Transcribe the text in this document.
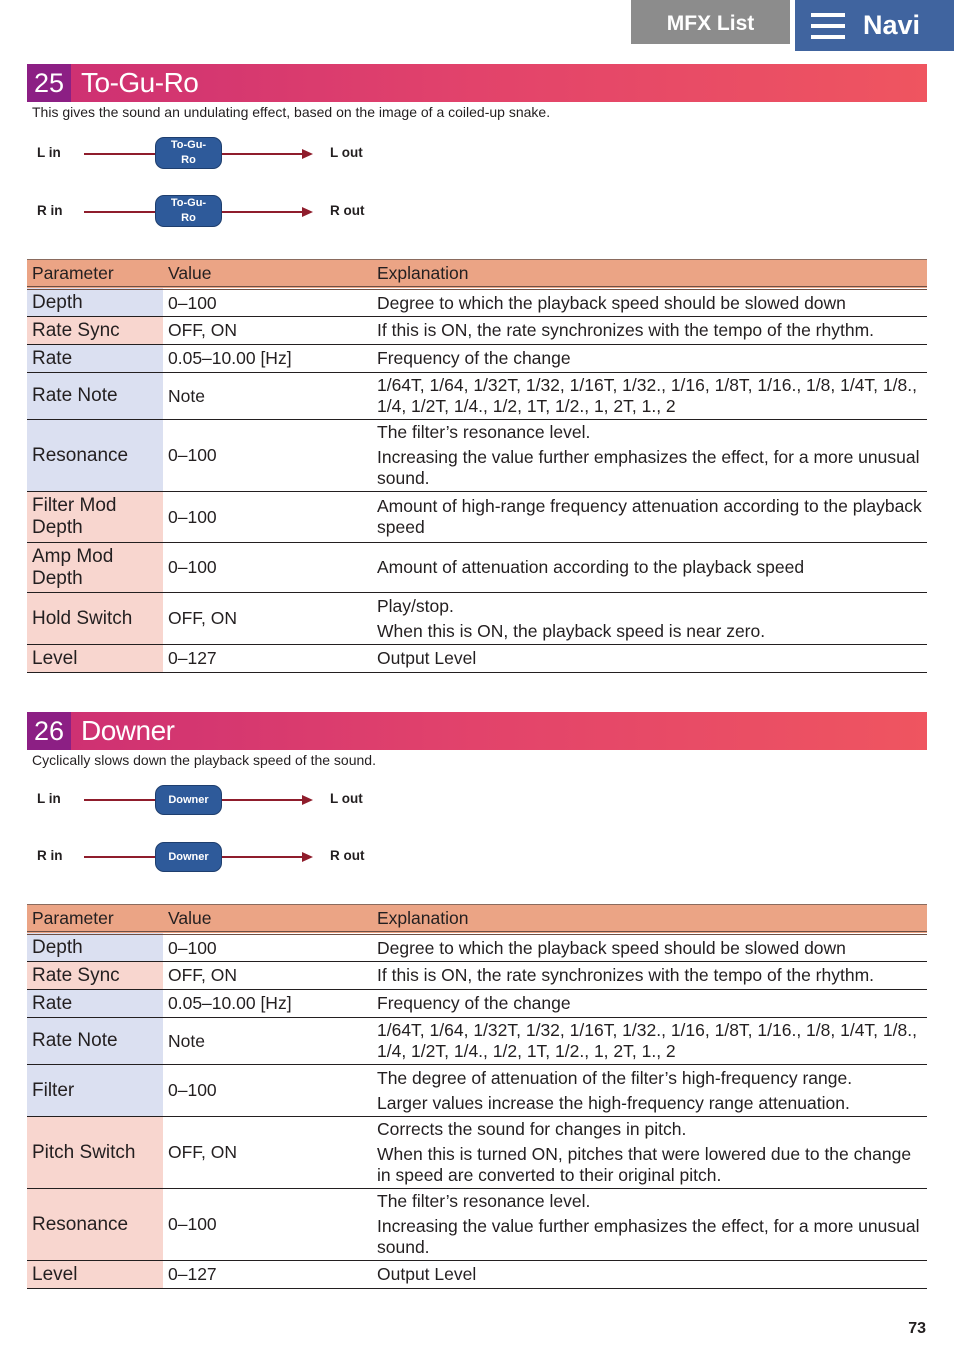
MFX List	Navi
25 To-Gu-Ro
This gives the sound an undulating effect, based on the image of a coiled-up snake.
L in	To-Gu-
Ro	L out
R in	To-Gu-
Ro	R out
Parameter	Value	Explanation
Depth	0–100	Degree to which the playback speed should be slowed down

Rate Sync	OFF, ON	If this is ON, the rate synchronizes with the tempo of the rhythm.

Rate	0.05–10.00 [Hz]	Frequency of the change

Rate Note	Note	1/64T, 1/64, 1/32T, 1/32, 1/16T, 1/32., 1/16, 1/8T, 1/16., 1/8, 1/4T, 1/8., 1/4, 1/2T, 1/4., 1/2, 1T, 1/2., 1, 2T, 1., 2

Resonance	0–100	The filter’s resonance level.

Increasing the value further emphasizes the effect, for a more unusual sound.

Filter Mod Depth	0–100	Amount of high-range frequency attenuation according to the playback speed

Amp Mod Depth	0–100	Amount of attenuation according to the playback speed

Hold Switch	OFF, ON	Play/stop.

When this is ON, the playback speed is near zero.

Level	0–127	Output Level

26 Downer
Cyclically slows down the playback speed of the sound.
L in	Downer	L out
R in	Downer	R out
Parameter	Value	Explanation
Depth	0–100	Degree to which the playback speed should be slowed down

Rate Sync	OFF, ON	If this is ON, the rate synchronizes with the tempo of the rhythm.

Rate	0.05–10.00 [Hz]	Frequency of the change

Rate Note	Note	1/64T, 1/64, 1/32T, 1/32, 1/16T, 1/32., 1/16, 1/8T, 1/16., 1/8, 1/4T, 1/8., 1/4, 1/2T, 1/4., 1/2, 1T, 1/2., 1, 2T, 1., 2

Filter	0–100	The degree of attenuation of the filter’s high-frequency range.

Larger values increase the high-frequency range attenuation.

Pitch Switch	OFF, ON	Corrects the sound for changes in pitch.

When this is turned ON, pitches that were lowered due to the change in speed are converted to their original pitch.

Resonance	0–100	The filter’s resonance level.

Increasing the value further emphasizes the effect, for a more unusual sound.

Level	0–127	Output Level

73
